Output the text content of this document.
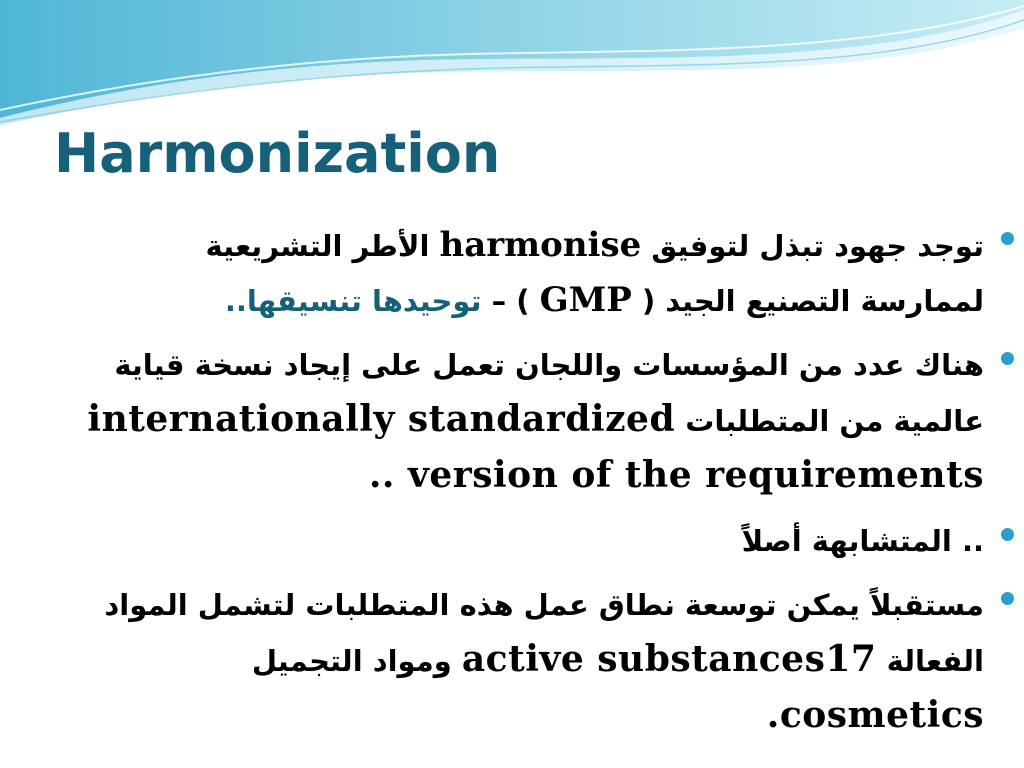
Harmonization
توجد جهود تبذل لتوفيق harmonise الأطر التشريعية
لممارسة التصنيع الجيد ( GMP ) – توحيدها تنسيقها..
هناك عدد من المؤسسات واللجان تعمل على إيجاد نسخة قياية
عالمية من المتطلبات internationally standardized
version of the requirements ..
.. المتشابهة أصلاً
مستقبلاً يمكن توسعة نطاق عمل هذه المتطلبات لتشمل المواد
الفعالة active substances17 ومواد التجميل
cosmetics.
